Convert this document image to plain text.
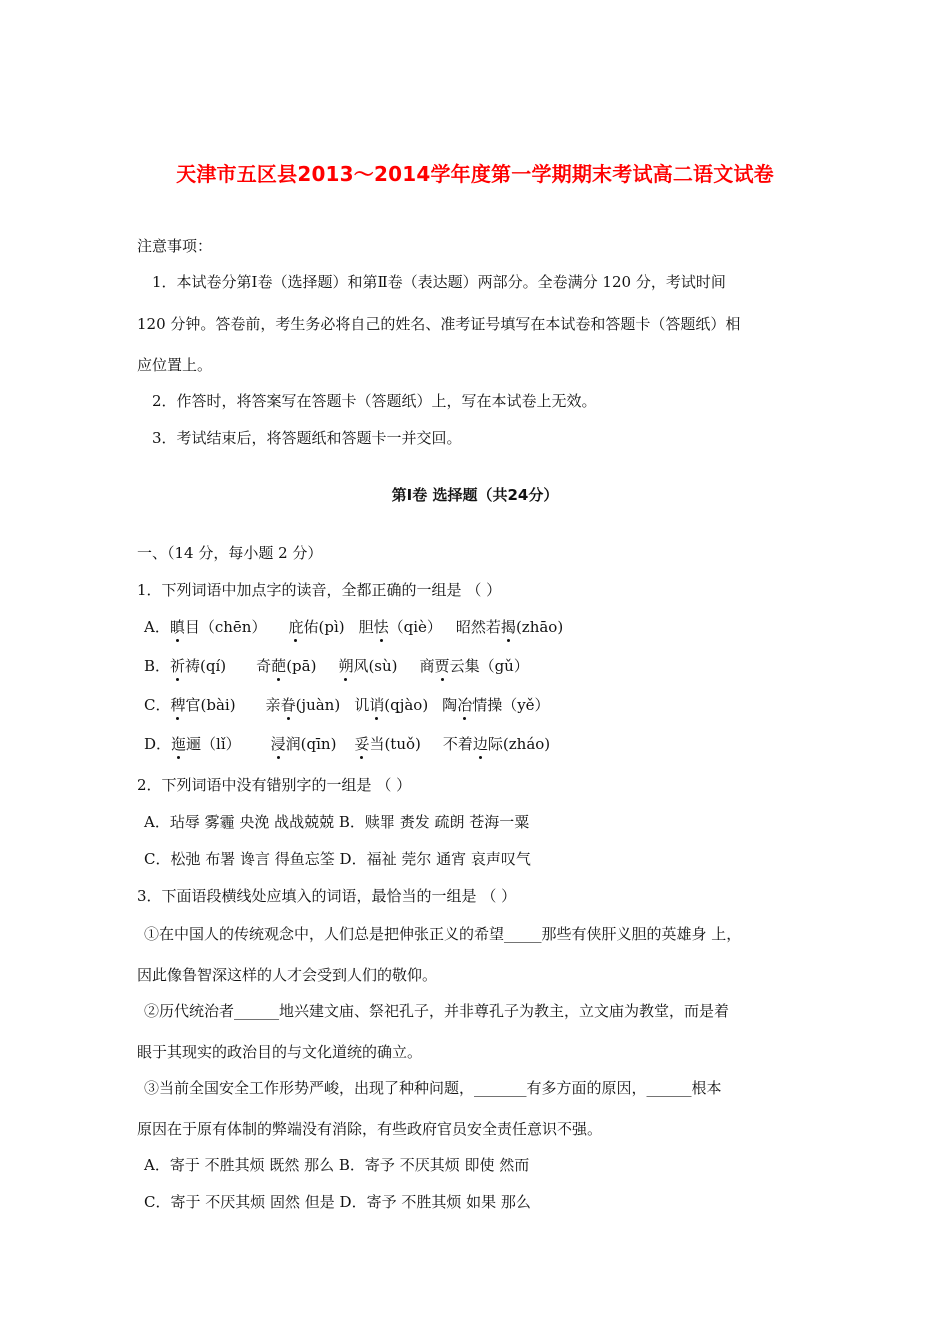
天津市五区县2013～2014学年度第一学期期末考试高二语文试卷
注意事项：
1．本试卷分第Ⅰ卷（选择题）和第Ⅱ卷（表达题）两部分。全卷满分 120 分，考试时间
120 分钟。答卷前，考生务必将自己的姓名、准考证号填写在本试卷和答题卡（答题纸）相
应位置上。
2．作答时，将答案写在答题卡（答题纸）上，写在本试卷上无效。
3．考试结束后，将答题纸和答题卡一并交回。
第Ⅰ卷 选择题（共24分）
一、（14 分，每小题 2 分）
1．下列词语中加点字的读音，全都正确的一组是 （ ）
A．瞋目（chēn） 庇佑(pì) 胆怯（qiè） 昭然若揭(zhāo)
B．祈祷(qí) 奇葩(pā) 朔风(sù) 商贾云集（gǔ）
C．稗官(bài) 亲眷(juàn) 讥诮(qjào) 陶冶情操（yě）
D．迤逦（lǐ） 浸润(qīn) 妥当(tuǒ) 不着边际(zháo)
2．下列词语中没有错别字的一组是 （ ）
A．玷辱 雾霾 央浼 战战兢兢 B．赎罪 赉发 疏朗 苍海一粟
C．松弛 布署 谗言 得鱼忘筌 D．福祉 莞尔 通宵 哀声叹气
3．下面语段横线处应填入的词语，最恰当的一组是 （ ）
①在中国人的传统观念中，人们总是把伸张正义的希望_____那些有侠肝义胆的英雄身 上，
因此像鲁智深这样的人才会受到人们的敬仰。
②历代统治者______地兴建文庙、祭祀孔子，并非尊孔子为教主，立文庙为教堂，而是着
眼于其现实的政治目的与文化道统的确立。
③当前全国安全工作形势严峻，出现了种种问题，_______有多方面的原因，______根本
原因在于原有体制的弊端没有消除，有些政府官员安全责任意识不强。
A．寄于 不胜其烦 既然 那么 B．寄予 不厌其烦 即使 然而
C．寄于 不厌其烦 固然 但是 D．寄予 不胜其烦 如果 那么
